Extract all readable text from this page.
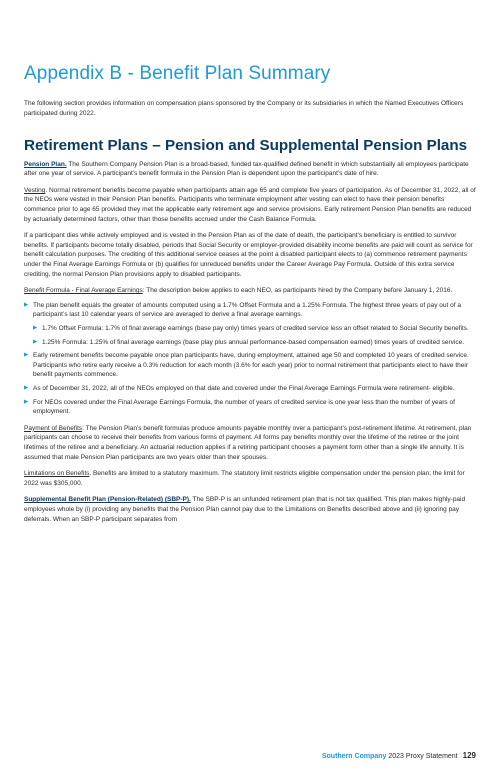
Appendix B - Benefit Plan Summary

The following section provides information on compensation plans sponsored by the Company or its subsidiaries in which the Named Executives Officers participated during 2022.

Retirement Plans – Pension and Supplemental Pension Plans

Pension Plan. The Southern Company Pension Plan is a broad-based, funded tax-qualified defined benefit in which substantially all employees participate after one year of service. A participant’s benefit formula in the Pension Plan is dependent upon the participant’s date of hire.

Vesting. Normal retirement benefits become payable when participants attain age 65 and complete five years of participation. As of December 31, 2022, all of the NEOs were vested in their Pension Plan benefits. Participants who terminate employment after vesting can elect to have their pension benefits commence prior to age 65 provided they met the applicable early retirement age and service provisions. Early retirement Pension Plan benefits are reduced by actuarially determined factors, other than those benefits accrued under the Cash Balance Formula.

If a participant dies while actively employed and is vested in the Pension Plan as of the date of death, the participant’s beneficiary is entitled to survivor benefits. If participants become totally disabled, periods that Social Security or employer-provided disability income benefits are paid will count as service for benefit calculation purposes. The crediting of this additional service ceases at the point a disabled participant elects to (a) commence retirement payments under the Final Average Earnings Formula or (b) qualifies for unreduced benefits under the Career Average Pay Formula. Outside of this extra service crediting, the normal Pension Plan provisions apply to disabled participants.

Benefit Formula - Final Average Earnings: The description below applies to each NEO, as participants hired by the Company before January 1, 2016.

▶ The plan benefit equals the greater of amounts computed using a 1.7% Offset Formula and a 1.25% Formula. The highest three years of pay out of a participant’s last 10 calendar years of service are averaged to derive a final average earnings.
▶ 1.7% Offset Formula: 1.7% of final average earnings (base pay only) times years of credited service less an offset related to Social Security benefits.
▶ 1.25% Formula: 1.25% of final average earnings (base play plus annual performance-based compensation earned) times years of credited service.
▶ Early retirement benefits become payable once plan participants have, during employment, attained age 50 and completed 10 years of credited service. Participants who retire early receive a 0.3% reduction for each month (3.6% for each year) prior to normal retirement that participants elect to have their benefit payments commence.
▶ As of December 31, 2022, all of the NEOs employed on that date and covered under the Final Average Earnings Formula were retirement- eligible.
▶ For NEOs covered under the Final Average Earnings Formula, the number of years of credited service is one year less than the number of years of employment.

Payment of Benefits: The Pension Plan’s benefit formulas produce amounts payable monthly over a participant’s post-retirement lifetime. At retirement, plan participants can choose to receive their benefits from various forms of payment. All forms pay benefits monthly over the lifetime of the retiree or the joint lifetimes of the retiree and a beneficiary. An actuarial reduction applies if a retiring participant chooses a payment form other than a single life annuity. It is assumed that male Pension Plan participants are two years older than their spouses.

Limitations on Benefits. Benefits are limited to a statutory maximum. The statutory limit restricts eligible compensation under the pension plan; the limit for 2022 was $305,000.

Supplemental Benefit Plan (Pension-Related) (SBP-P). The SBP-P is an unfunded retirement plan that is not tax qualified. This plan makes highly-paid employees whole by (i) providing any benefits that the Pension Plan cannot pay due to the Limitations on Benefits described above and (ii) ignoring pay deferrals. When an SBP-P participant separates from

Southern Company 2023 Proxy Statement 129
